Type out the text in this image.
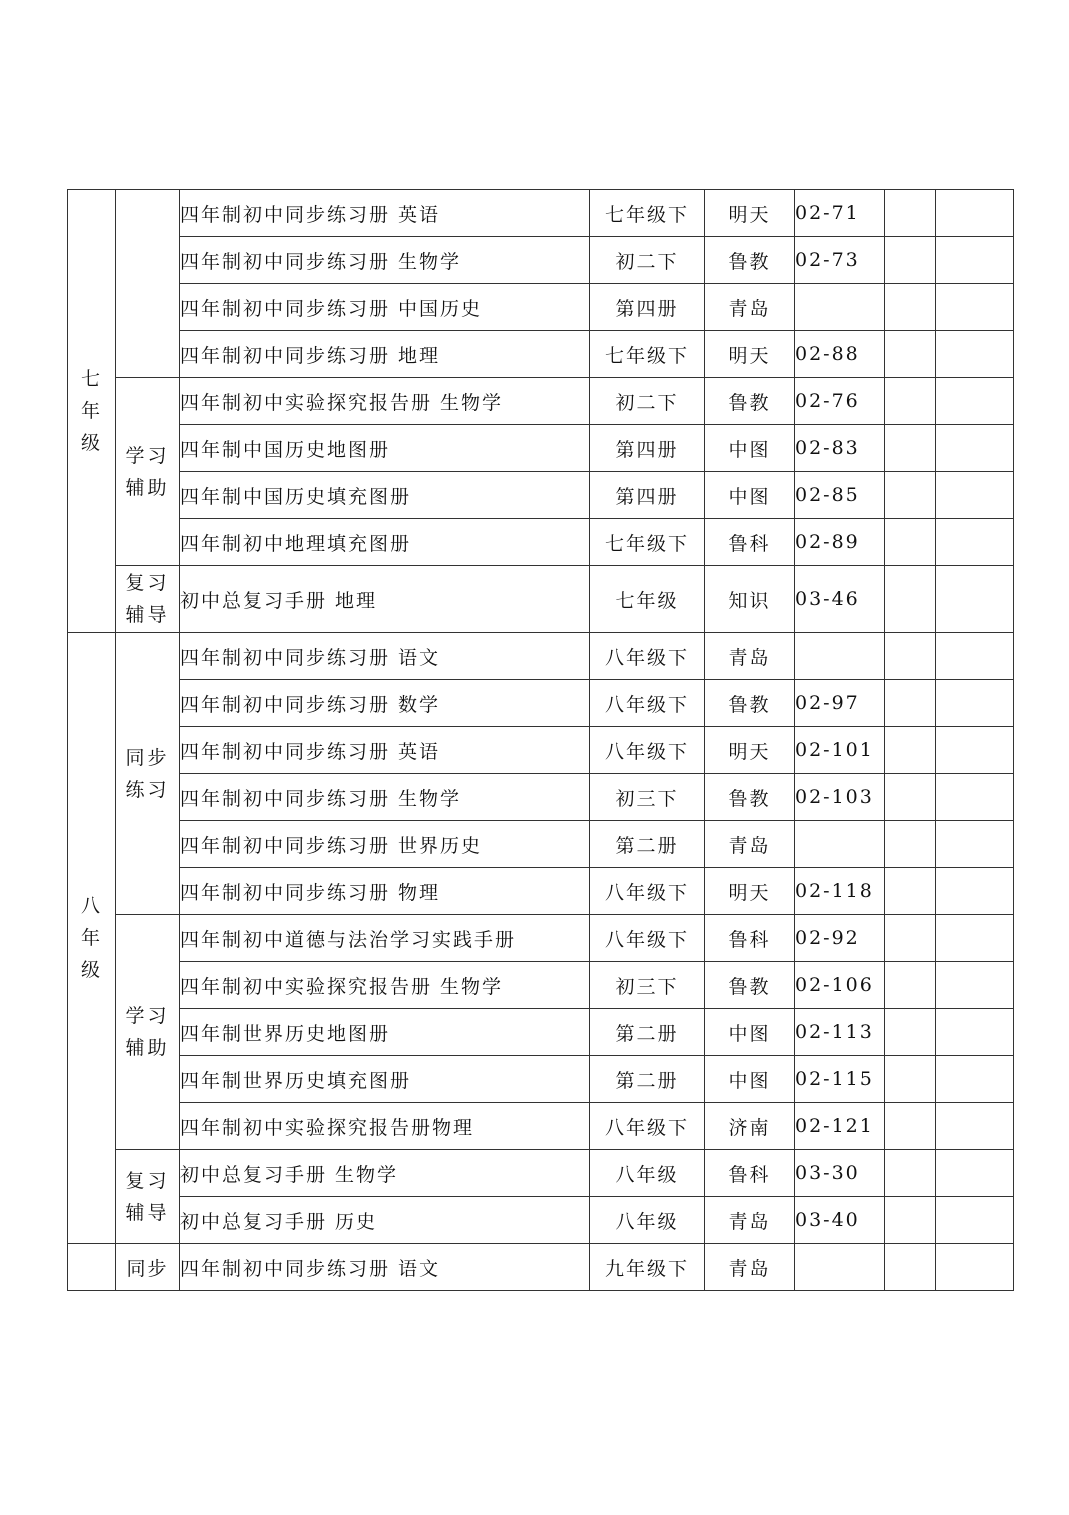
七年级		四年制初中同步练习册 英语	七年级下	明天	02-71		
		四年制初中同步练习册 生物学	初二下	鲁教	02-73		
		四年制初中同步练习册 中国历史	第四册	青岛			
		四年制初中同步练习册 地理	七年级下	明天	02-88		
	学习辅助	四年制初中实验探究报告册 生物学	初二下	鲁教	02-76		
		四年制中国历史地图册	第四册	中图	02-83		
		四年制中国历史填充图册	第四册	中图	02-85		
		四年制初中地理填充图册	七年级下	鲁科	02-89		
	复习辅导	初中总复习手册 地理	七年级	知识	03-46		
八年级	同步练习	四年制初中同步练习册 语文	八年级下	青岛			
		四年制初中同步练习册 数学	八年级下	鲁教	02-97		
		四年制初中同步练习册 英语	八年级下	明天	02-101		
		四年制初中同步练习册 生物学	初三下	鲁教	02-103		
		四年制初中同步练习册 世界历史	第二册	青岛			
		四年制初中同步练习册 物理	八年级下	明天	02-118		
	学习辅助	四年制初中道德与法治学习实践手册	八年级下	鲁科	02-92		
		四年制初中实验探究报告册 生物学	初三下	鲁教	02-106		
		四年制世界历史地图册	第二册	中图	02-113		
		四年制世界历史填充图册	第二册	中图	02-115		
		四年制初中实验探究报告册物理	八年级下	济南	02-121		
	复习辅导	初中总复习手册 生物学	八年级	鲁科	03-30		
		初中总复习手册 历史	八年级	青岛	03-40		
	同步	四年制初中同步练习册 语文	九年级下	青岛			
